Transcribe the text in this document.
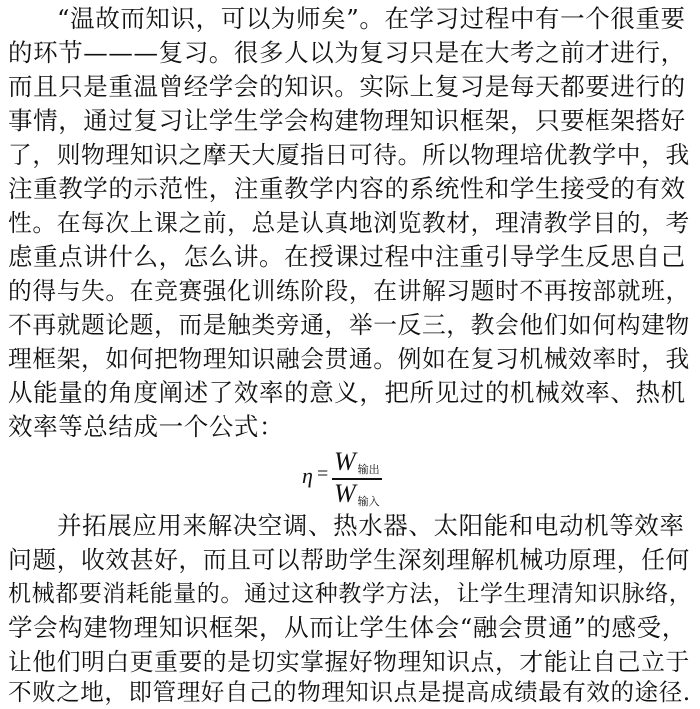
“温故而知识，可以为师矣”。在学习过程中有一个很重要
的环节———复习。很多人以为复习只是在大考之前才进行，
而且只是重温曾经学会的知识。实际上复习是每天都要进行的
事情，通过复习让学生学会构建物理知识框架，只要框架搭好
了，则物理知识之摩天大厦指日可待。所以物理培优教学中，我
注重教学的示范性，注重教学内容的系统性和学生接受的有效
性。在每次上课之前，总是认真地浏览教材，理清教学目的，考
虑重点讲什么，怎么讲。在授课过程中注重引导学生反思自己
的得与失。在竞赛强化训练阶段，在讲解习题时不再按部就班，
不再就题论题，而是触类旁通，举一反三，教会他们如何构建物
理框架，如何把物理知识融会贯通。例如在复习机械效率时，我
从能量的角度阐述了效率的意义，把所见过的机械效率、热机
效率等总结成一个公式：
η = W $_{输出}$
W $_{输入}$
并拓展应用来解决空调、热水器、太阳能和电动机等效率
问题，收效甚好，而且可以帮助学生深刻理解机械功原理，任何
机械都要消耗能量的。通过这种教学方法，让学生理清知识脉络，
学会构建物理知识框架，从而让学生体会“融会贯通”的感受，
让他们明白更重要的是切实掌握好物理知识点，才能让自己立于
不败之地，即管理好自己的物理知识点是提高成绩最有效的途径.
